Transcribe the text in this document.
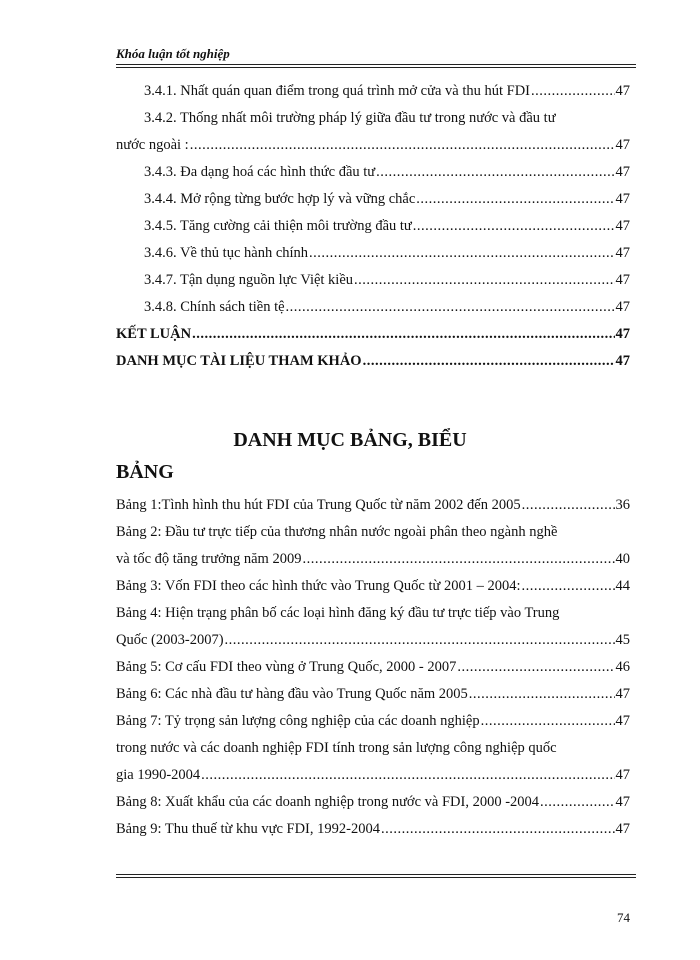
Khóa luận tốt nghiệp
3.4.1. Nhất quán quan điểm trong quá trình mở cửa và thu hút FDI .....	47
3.4.2. Thống nhất môi trường pháp lý giữa đầu tư trong nước và đầu tư
nước ngoài : .....	47
3.4.3. Đa dạng hoá các hình thức đầu tư .....	47
3.4.4. Mở rộng từng bước hợp lý và vững chắc .....	47
3.4.5. Tăng cường cải thiện môi trường đầu tư .....	47
3.4.6. Về thủ tục hành chính .....	47
3.4.7. Tận dụng nguồn lực Việt kiều .....	47
3.4.8. Chính sách tiền tệ .....	47
KẾT LUẬN .....	47
DANH MỤC TÀI LIỆU THAM KHẢO .....	47
DANH MỤC BẢNG, BIỂU
BẢNG
Bảng 1:Tình hình thu hút FDI của Trung Quốc từ năm 2002 đến 2005 .....	36
Bảng 2: Đầu tư trực tiếp của thương nhân nước ngoài phân theo ngành nghề
và tốc độ tăng trưởng năm 2009 .....	40
Bảng 3: Vốn FDI theo các hình thức vào Trung Quốc từ 2001 – 2004: .....	44
Bảng 4: Hiện trạng phân bố các loại hình đăng ký đầu tư trực tiếp vào Trung
Quốc (2003-2007) .....	45
Bảng 5: Cơ cấu FDI theo vùng ở Trung Quốc, 2000 - 2007 .....	46
Bảng 6: Các nhà đầu tư hàng đầu vào Trung Quốc năm 2005 .....	47
Bảng 7: Tỷ trọng sản lượng công nghiệp của các doanh nghiệp .....	47
trong nước và các doanh nghiệp FDI tính trong sản lượng công nghiệp quốc
gia 1990-2004 .....	47
Bảng 8: Xuất khẩu của các doanh nghiệp trong nước và FDI, 2000 -2004 .....	47
Bảng 9: Thu thuế từ khu vực FDI, 1992-2004 .....	47
74
